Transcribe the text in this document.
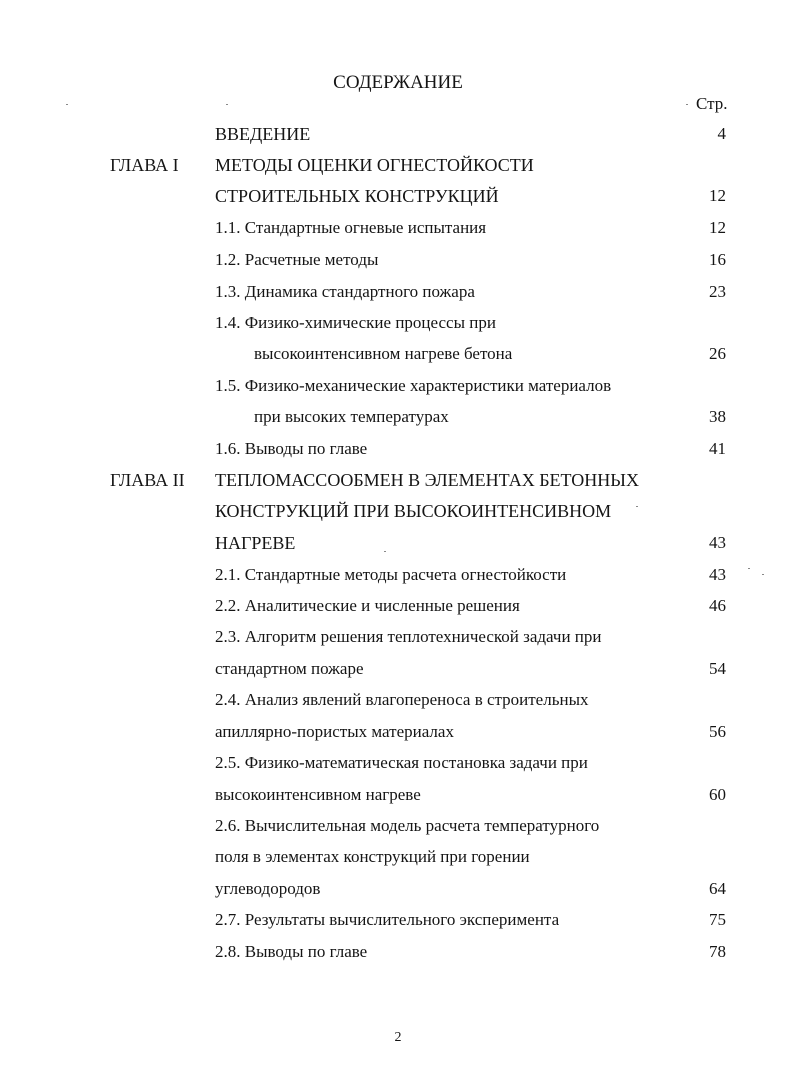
СОДЕРЖАНИЕ
Стр.
ВВЕДЕНИЕ	4
ГЛАВА I МЕТОДЫ ОЦЕНКИ ОГНЕСТОЙКОСТИ
СТРОИТЕЛЬНЫХ КОНСТРУКЦИЙ	12
1.1. Стандартные огневые испытания	12
1.2. Расчетные методы	16
1.3. Динамика стандартного пожара	23
1.4. Физико-химические процессы при
высокоинтенсивном нагреве бетона	26
1.5. Физико-механические характеристики материалов
при высоких температурах	38
1.6. Выводы по главе	41
ГЛАВА II ТЕПЛОМАССООБМЕН В ЭЛЕМЕНТАХ БЕТОННЫХ
КОНСТРУКЦИЙ ПРИ ВЫСОКОИНТЕНСИВНОМ
НАГРЕВЕ	43
2.1. Стандартные методы расчета огнестойкости	43
2.2. Аналитические и численные решения	46
2.3. Алгоритм решения теплотехнической задачи при
стандартном пожаре	54
2.4. Анализ явлений влагопереноса в строительных
апиллярно-пористых материалах	56
2.5. Физико-математическая постановка задачи при
высокоинтенсивном нагреве	60
2.6. Вычислительная модель расчета температурного
поля в элементах конструкций при горении
углеводородов	64
2.7. Результаты вычислительного эксперимента	75
2.8. Выводы по главе	78
2
